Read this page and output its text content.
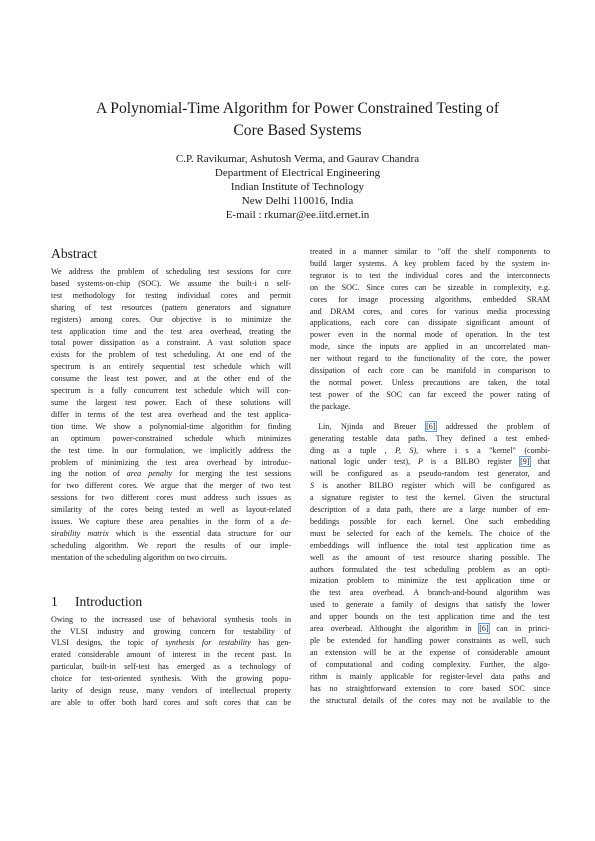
A Polynomial-Time Algorithm for Power Constrained Testing of
Core Based Systems
C.P. Ravikumar, Ashutosh Verma, and Gaurav Chandra
Department of Electrical Engineering
Indian Institute of Technology
New Delhi 110016, India
E-mail : rkumar@ee.iitd.ernet.in
Abstract
We address the problem of scheduling test sessions for core
based systems-on-chip (SOC). We assume the built-i n self-
test methodology for testing individual cores and permit
sharing of test resources (pattern generators and signature
registers) among cores. Our objective is to minimize the
test application time and the test area overhead, treating the
total power dissipation as a constraint. A vast solution space
exists for the problem of test scheduling. At one end of the
spectrum is an entirely sequential test schedule which will
consume the least test power, and at the other end of the
spectrum is a fully concurrent test schedule which will con-
sume the largest test power. Each of these solutions will
differ in terms of the test area overhead and the test applica-
tion time. We show a polynomial-time algorithm for finding
an optimum power-constrained schedule which minimizes
the test time. In our formulation, we implicitly address the
problem of minimizing the test area overhead by introduc-
ing the notion of area penalty for merging the test sessions
for two different cores. We argue that the merger of two test
sessions for two different cores must address such issues as
similarity of the cores being tested as well as layout-related
issues. We capture these area penalties in the form of a de-
sirability matrix which is the essential data structure for our
scheduling algorithm. We report the results of our imple-
mentation of the scheduling algorithm on two circuits.
1 Introduction
Owing to the increased use of behavioral synthesis tools in
the VLSI industry and growing concern for testability of
VLSI designs, the topic of synthesis for testability has gen-
erated considerable amount of interest in the recent past. In
particular, built-in self-test has emerged as a technology of
choice for test-oriented synthesis. With the growing popu-
larity of design reuse, many vendors of intellectual property
are able to offer both hard cores and soft cores that can be
treated in a manner similar to "off the shelf components to
build larger systems. A key problem faced by the system in-
tegrator is to test the individual cores and the interconnects
on the SOC. Since cores can be sizeable in complexity, e.g.
cores for image processing algorithms, embedded SRAM
and DRAM cores, and cores for various media processing
applications, each core can dissipate significant amount of
power even in the normal mode of operation. In the test
mode, since the inputs are applied in an uncorrelated man-
ner without regard to the functionality of the core, the power
dissipation of each core can be manifold in comparison to
the normal power. Unless precautions are taken, the total
test power of the SOC can far exceed the power rating of
the package.
 Lin, Njinda and Breuer [6] addressed the problem of
generating testable data paths. They defined a test embed-
ding as a tuple , P, S), where i s a "kernel" (combi-
national logic under test), P is a BILBO register [9] that
will be configured as a pseudo-random test generator, and
S is another BILBO register which will be configured as
a signature register to test the kernel. Given the structural
description of a data path, there are a large number of em-
beddings possible for each kernel. One such embedding
must be selected for each of the kernels. The choice of the
embeddings will influence the total test application time as
well as the amount of test resource sharing possible. The
authors formulated the test scheduling problem as an opti-
mization problem to minimize the test application time or
the test area overhead. A branch-and-bound algorithm was
used to generate a family of designs that satisfy the lower
and upper bounds on the test application time and the test
area overhead. Althought the algorithm in [6] can in princi-
ple be extended for handling power constraints as well, such
an extension will be at the expense of considerable amount
of computational and coding complexity. Further, the algo-
rithm is mainly applicable for register-level data paths and
has no straightforward extension to core based SOC since
the structural details of the cores may not be available to the
